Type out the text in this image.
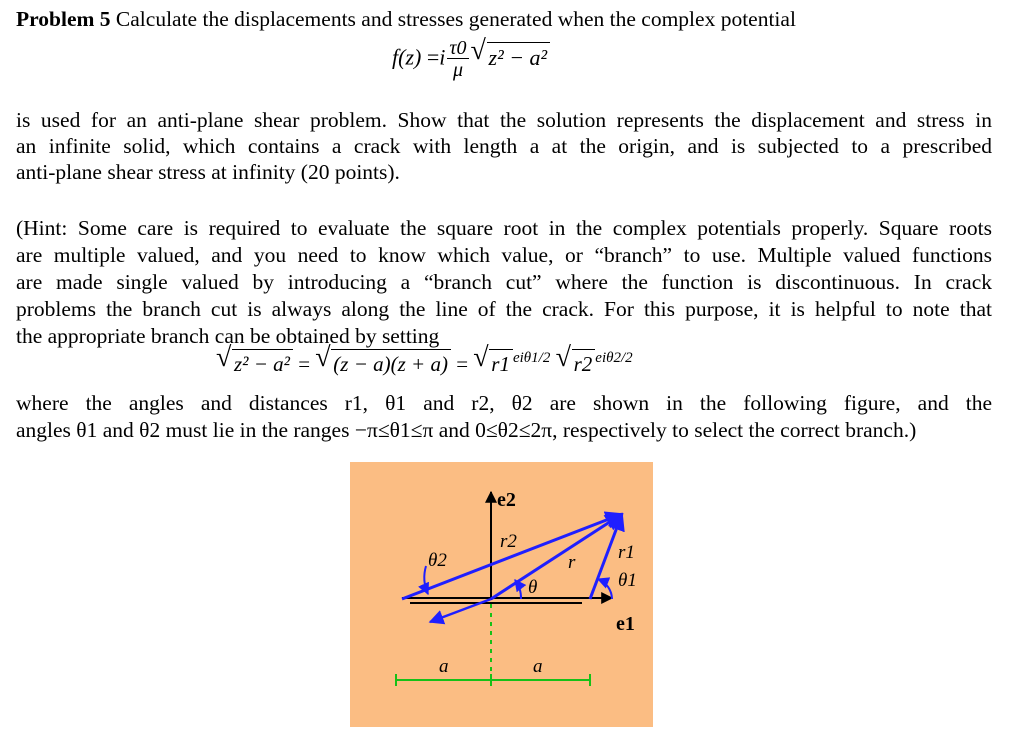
Problem 5 Calculate the displacements and stresses generated when the complex potential
$f(z) =i \frac{\tau 0}{\mu}$ √ z² − a²
is used for an anti-plane shear problem. Show that the solution represents the displacement and stress in
an infinite solid, which contains a crack with length a at the origin, and is subjected to a prescribed
anti-plane shear stress at infinity (20 points).
(Hint: Some care is required to evaluate the square root in the complex potentials properly. Square roots
are multiple valued, and you need to know which value, or “branch” to use. Multiple valued functions
are made single valued by introducing a “branch cut” where the function is discontinuous. In crack
problems the branch cut is always along the line of the crack. For this purpose, it is helpful to note that
the appropriate branch can be obtained by setting
√ z² − a² = √ (z − a)(z + a) = √ r1 $^{ei\theta 1/2}$ √ r2 $^{ei\theta 2/2}$
where the angles and distances r1, θ1 and r2, θ2 are shown in the following figure, and the
angles θ1 and θ2 must lie in the ranges −π≤θ1≤π and 0≤θ2≤2π, respectively to select the correct branch.)
e2
r2
θ2	r
θ
r1
θ1
e1
a	a
